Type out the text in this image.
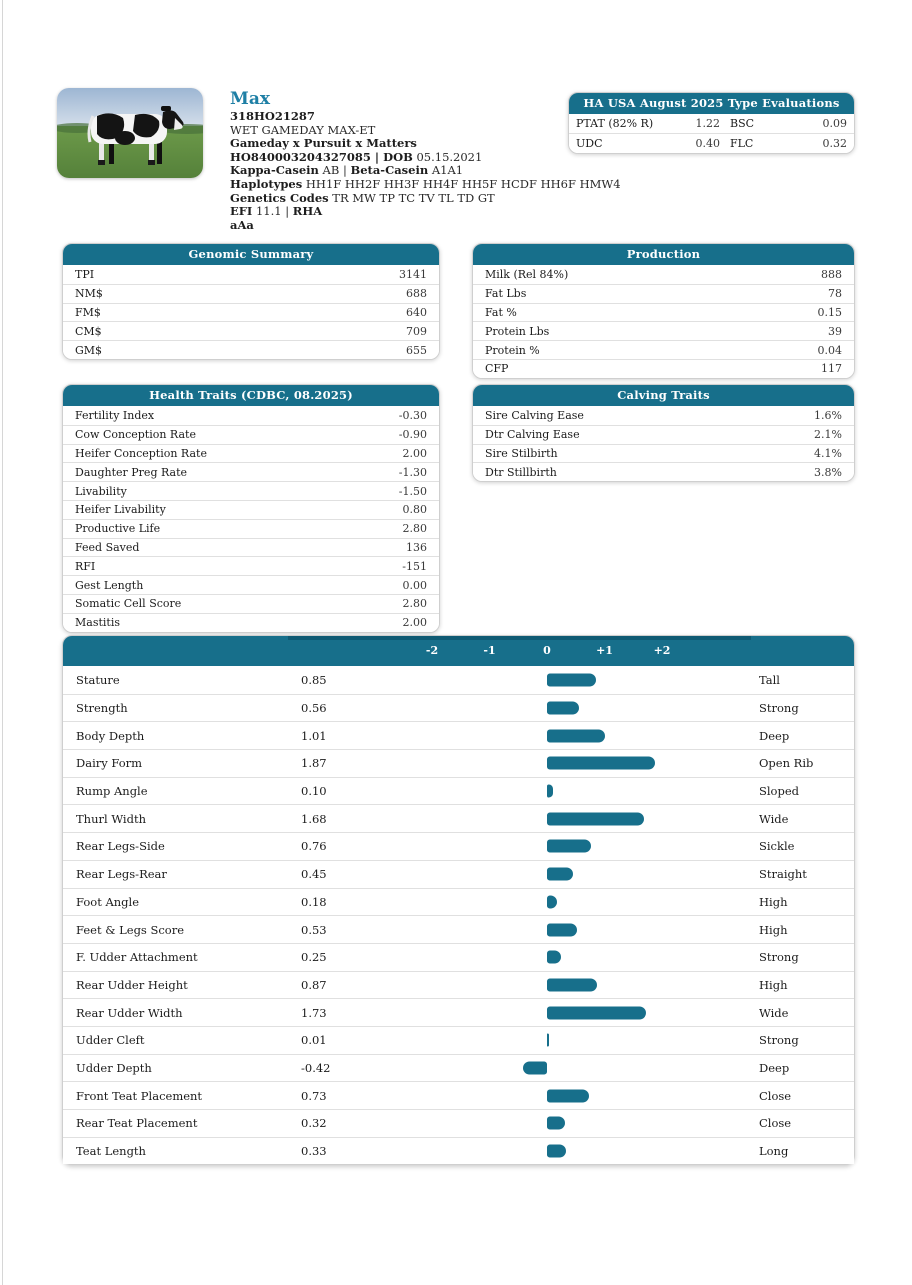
Max
318HO21287
WET GAMEDAY MAX-ET
Gameday x Pursuit x Matters
HO840003204327085 | DOB 05.15.2021
Kappa-Casein AB | Beta-Casein A1A1
Haplotypes HH1F HH2F HH3F HH4F HH5F HCDF HH6F HMW4
Genetics Codes TR MW TP TC TV TL TD GT
EFI 11.1 | RHA
aAa
HA USA August 2025 Type Evaluations
PTAT (82% R)	1.22 BSC	0.09
UDC	0.40 FLC	0.32
Genomic Summary
TPI	3141
NM$	688
FM$	640
CM$	709
GM$	655
Production
Milk (Rel 84%)	888
Fat Lbs	78
Fat %	0.15
Protein Lbs	39
Protein %	0.04
CFP	117
Health Traits (CDBC, 08.2025)
Fertility Index	-0.30
Cow Conception Rate	-0.90
Heifer Conception Rate	2.00
Daughter Preg Rate	-1.30
Livability	-1.50
Heifer Livability	0.80
Productive Life	2.80
Feed Saved	136
RFI	-151
Gest Length	0.00
Somatic Cell Score	2.80
Mastitis	2.00
Calving Traits
Sire Calving Ease	1.6%
Dtr Calving Ease	2.1%
Sire Stilbirth	4.1%
Dtr Stillbirth	3.8%
-2	-1	0	+1	+2
Stature	0.85	Tall
Strength	0.56	Strong
Body Depth	1.01	Deep
Dairy Form	1.87	Open Rib
Rump Angle	0.10	Sloped
Thurl Width	1.68	Wide
Rear Legs-Side	0.76	Sickle
Rear Legs-Rear	0.45	Straight
Foot Angle	0.18	High
Feet & Legs Score	0.53	High
F. Udder Attachment	0.25	Strong
Rear Udder Height	0.87	High
Rear Udder Width	1.73	Wide
Udder Cleft	0.01	Strong
Udder Depth	-0.42	Deep
Front Teat Placement	0.73	Close
Rear Teat Placement	0.32	Close
Teat Length	0.33	Long
